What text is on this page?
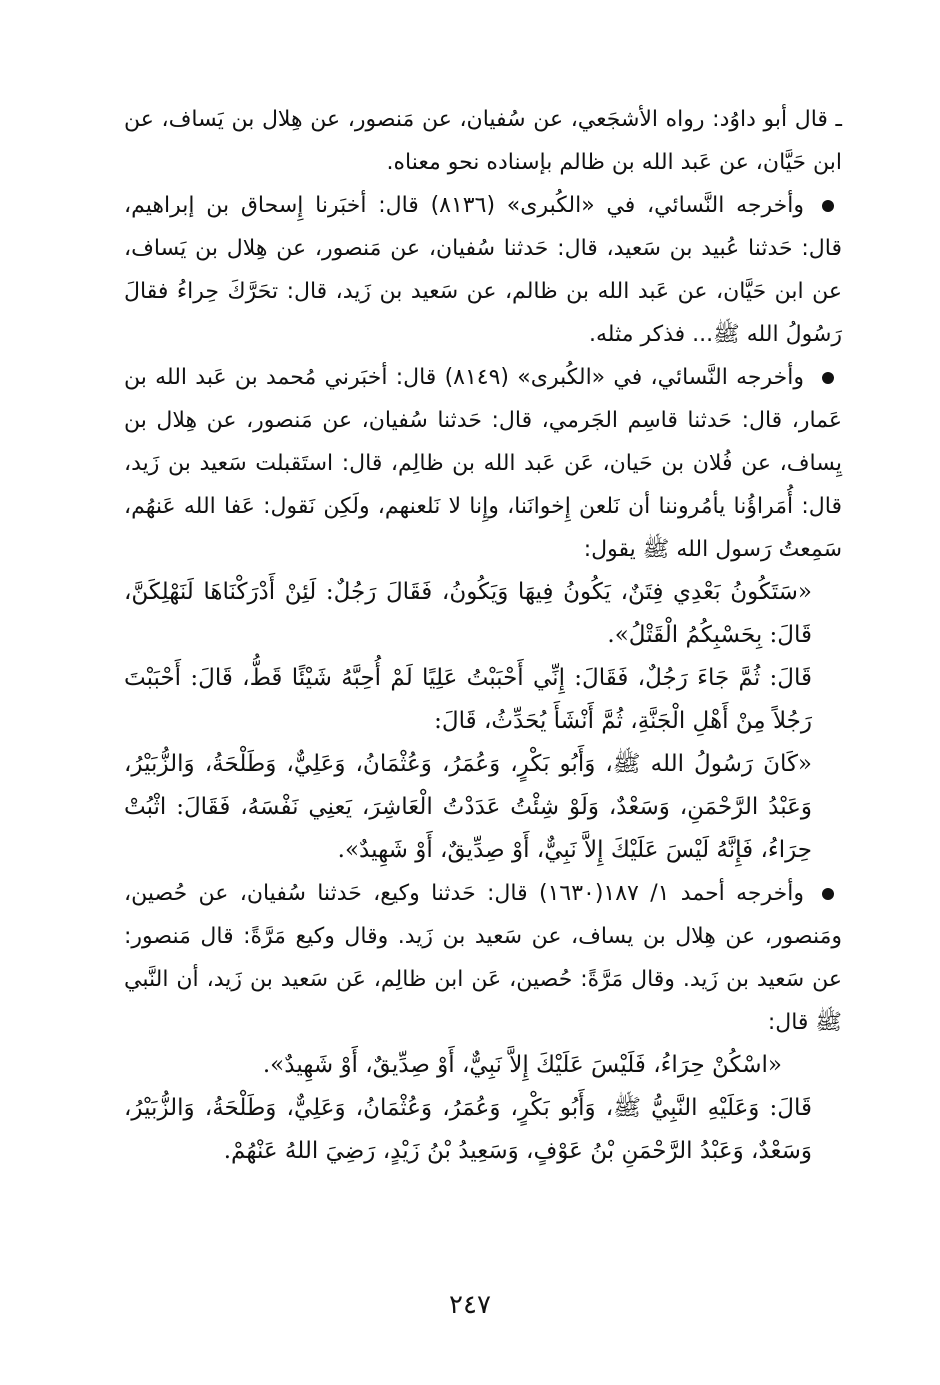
ـ قال أبو داوُد: رواه الأشجَعي، عن سُفيان، عن مَنصور، عن هِلال بن يَساف، عن ابن حَيَّان، عن عَبد الله بن ظالم بإسناده نحو معناه.

وأخرجه النَّسائي، في «الكُبرى» (٨١٣٦) قال: أخبَرنا إِسحاق بن إبراهيم، قال: حَدثنا عُبيد بن سَعيد، قال: حَدثنا سُفيان، عن مَنصور، عن هِلال بن يَساف، عن ابن حَيَّان، عن عَبد الله بن ظالم، عن سَعيد بن زَيد، قال: تحَرَّكَ حِراءُ فقالَ رَسُولُ الله ﷺ... فذكر مثله.

وأخرجه النَّسائي، في «الكُبرى» (٨١٤٩) قال: أخبَرني مُحمد بن عَبد الله بن عَمار، قال: حَدثنا قاسِم الجَرمي، قال: حَدثنا سُفيان، عن مَنصور، عن هِلال بن يِساف، عن فُلان بن حَيان، عَن عَبد الله بن ظالِم، قال: استَقبلت سَعيد بن زَيد، قال: أُمَراؤُنا يأمُروننا أن نَلعن إِخوانَنا، وإِنا لا نَلعنهم، ولَكِن نَقول: عَفا الله عَنهُم، سَمِعتُ رَسول الله ﷺ يقول:

«سَتَكُونُ بَعْدِي فِتَنٌ، يَكُونُ فِيهَا وَيَكُونُ، فَقَالَ رَجُلٌ: لَئِنْ أَدْرَكْنَاهَا لَنَهْلِكَنَّ، قَالَ: بِحَسْبِكُمُ الْقَتْلُ».

قَالَ: ثُمَّ جَاءَ رَجُلٌ، فَقَالَ: إِنِّي أَحْبَبْتُ عَلِيًا لَمْ أُحِبَّهُ شَيْئًا قَطُّ، قَالَ: أَحْبَبْتَ رَجُلاً مِنْ أَهْلِ الْجَنَّةِ، ثُمَّ أَنْشَأَ يُحَدِّثُ، قَالَ:

«كَانَ رَسُولُ الله ﷺ، وَأَبُو بَكْرٍ، وَعُمَرُ، وَعُثْمَانُ، وَعَلِيٌّ، وَطَلْحَةُ، وَالزُّبَيْرُ، وَعَبْدُ الرَّحْمَنِ، وَسَعْدٌ، وَلَوْ شِئْتُ عَدَدْتُ الْعَاشِرَ، يَعنِي نَفْسَهُ، فَقَالَ: اثْبُتْ حِرَاءُ، فَإِنَّهُ لَيْسَ عَلَيْكَ إِلاَّ نَبِيٌّ، أَوْ صِدِّيقٌ، أَوْ شَهِيدٌ».

وأخرجه أحمد ١/ ١٨٧(١٦٣٠) قال: حَدثنا وكيع، حَدثنا سُفيان، عن حُصين، ومَنصور، عن هِلال بن يساف، عن سَعيد بن زَيد. وقال وكيع مَرَّةً: قال مَنصور: عن سَعيد بن زَيد. وقال مَرَّةً: حُصين، عَن ابن ظالِم، عَن سَعيد بن زَيد، أن النَّبي ﷺ قال:

«اسْكُنْ حِرَاءُ، فَلَيْسَ عَلَيْكَ إِلاَّ نَبِيٌّ، أَوْ صِدِّيقٌ، أَوْ شَهِيدٌ».

قَالَ: وَعَلَيْهِ النَّبِيُّ ﷺ، وَأَبُو بَكْرٍ، وَعُمَرُ، وَعُثْمَانُ، وَعَلِيٌّ، وَطَلْحَةُ، وَالزُّبَيْرُ، وَسَعْدٌ، وَعَبْدُ الرَّحْمَنِ بْنُ عَوْفٍ، وَسَعِيدُ بْنُ زَيْدٍ، رَضِيَ اللهُ عَنْهُمْ.

٢٤٧
